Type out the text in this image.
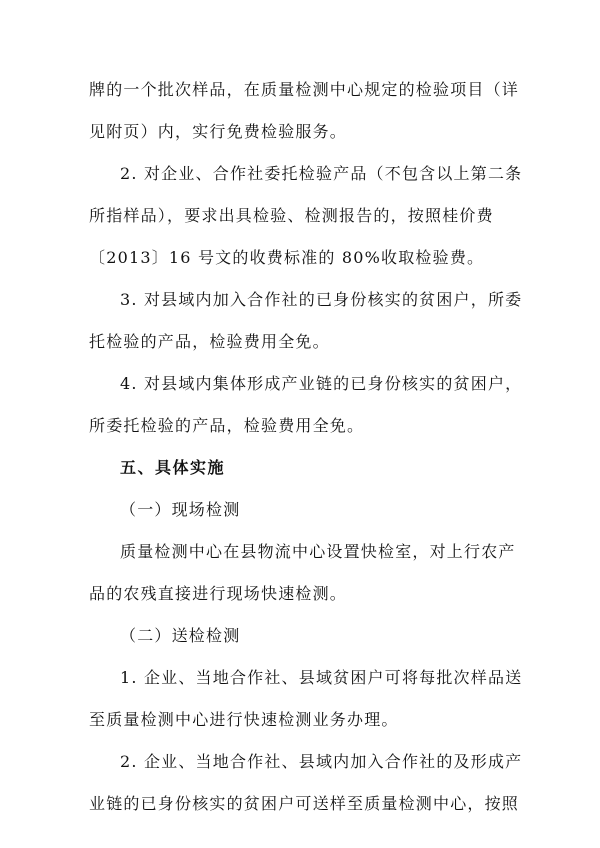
牌的一个批次样品，在质量检测中心规定的检验项目（详
见附页）内，实行免费检验服务。
2. 对企业、合作社委托检验产品（不包含以上第二条
所指样品），要求出具检验、检测报告的，按照桂价费
〔2013〕16 号文的收费标准的 80%收取检验费。
3. 对县域内加入合作社的已身份核实的贫困户，所委
托检验的产品，检验费用全免。
4. 对县域内集体形成产业链的已身份核实的贫困户，
所委托检验的产品，检验费用全免。
五、具体实施
（一）现场检测
质量检测中心在县物流中心设置快检室，对上行农产
品的农残直接进行现场快速检测。
（二）送检检测
1. 企业、当地合作社、县域贫困户可将每批次样品送
至质量检测中心进行快速检测业务办理。
2. 企业、当地合作社、县域内加入合作社的及形成产
业链的已身份核实的贫困户可送样至质量检测中心，按照
